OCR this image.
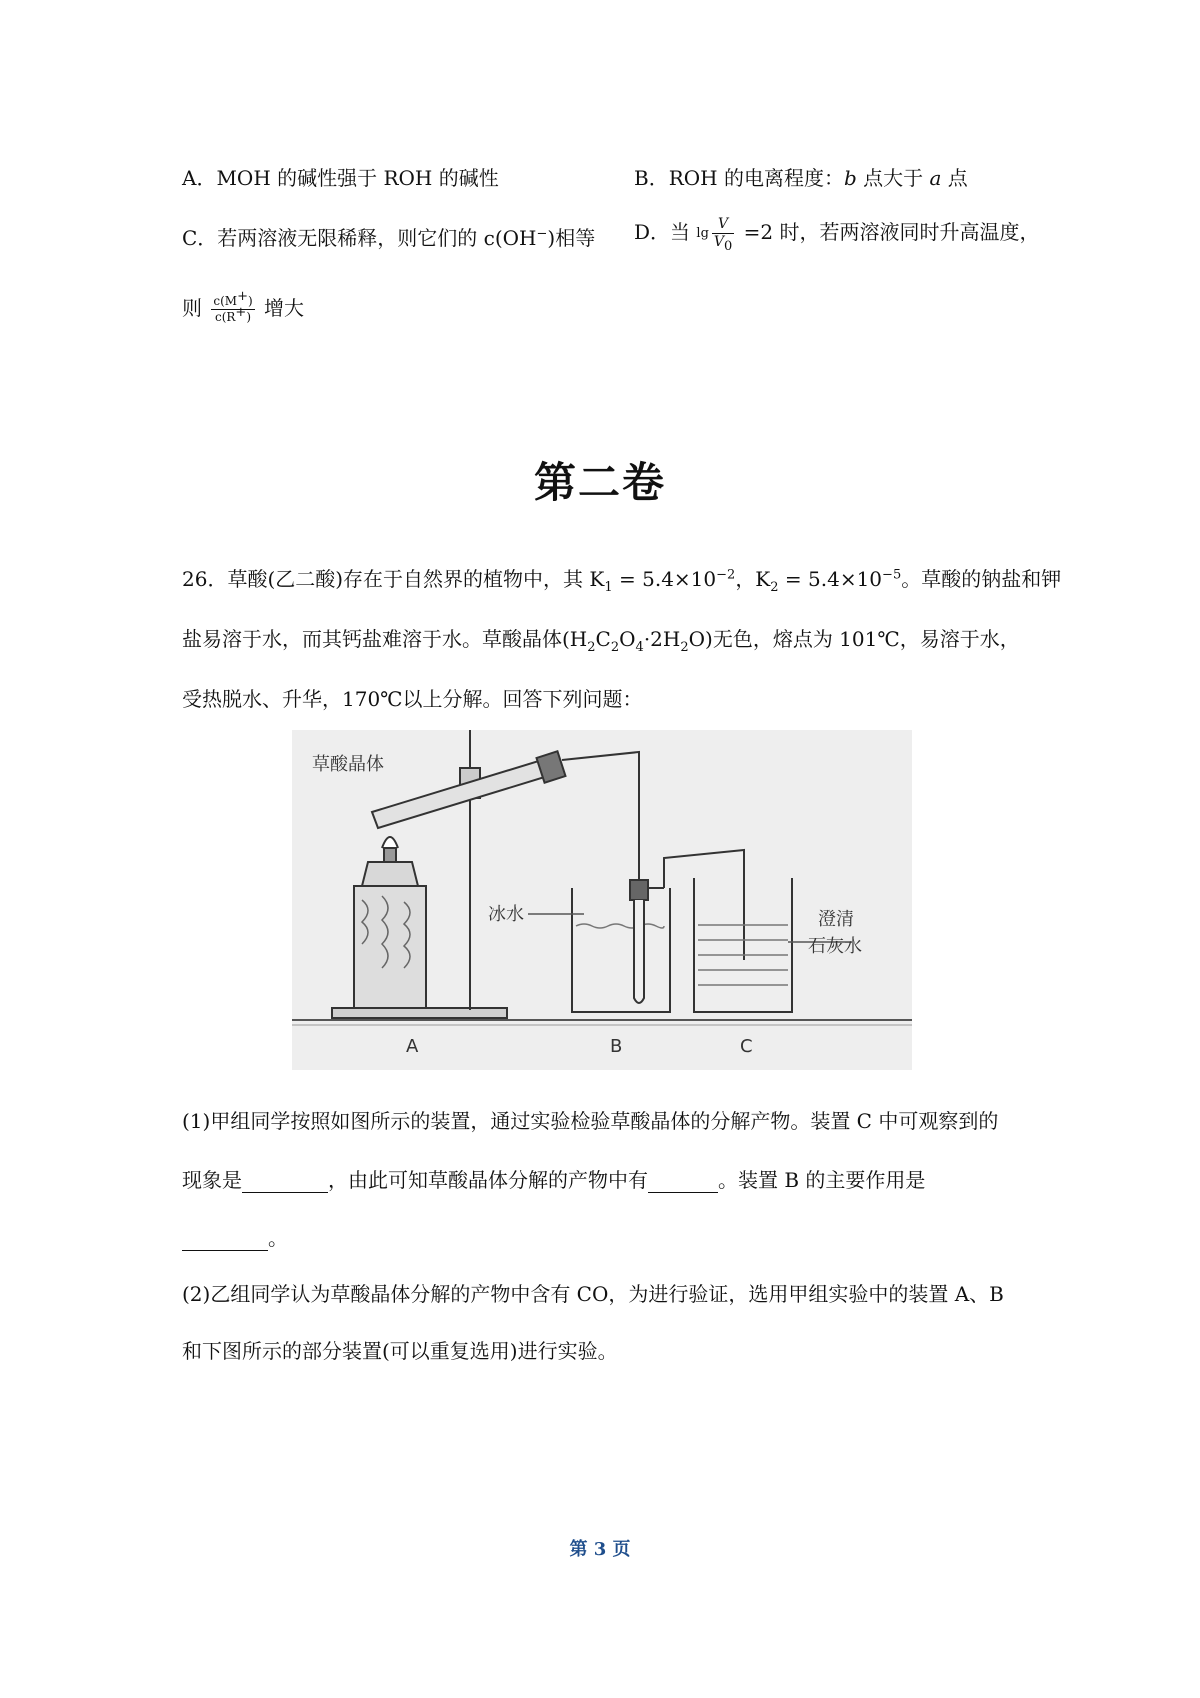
A．MOH 的碱性强于 ROH 的碱性	B．ROH 的电离程度：b 点大于 a 点
C．若两溶液无限稀释，则它们的 c(OH−)相等 D．当 $\lg \frac{V}{V_0} =2$ 时，若两溶液同时升高温度，
则 $\frac{c(M^+)}{c(R^+)}$ 增大
第二卷
26．草酸(乙二酸)存在于自然界的植物中，其 $K_1 = 5.4\times 10^{-2}$，$K_2 = 5.4\times 10^{-5}$。草酸的钠盐和钾
盐易溶于水，而其钙盐难溶于水。草酸晶体$(H_2C_2O_4\cdot 2H_2O)$无色，熔点为 101℃，易溶于水，
受热脱水、升华，170℃以上分解。回答下列问题：
草酸晶体
冰水	澄清
石灰水
A	B	C
(1)甲组同学按照如图所示的装置，通过实验检验草酸晶体的分解产物。装置 C 中可观察到的
现象是	，由此可知草酸晶体分解的产物中有	。装置 B 的主要作用是
。
(2)乙组同学认为草酸晶体分解的产物中含有 CO，为进行验证，选用甲组实验中的装置 A、B
和下图所示的部分装置(可以重复选用)进行实验。
第 3 页
